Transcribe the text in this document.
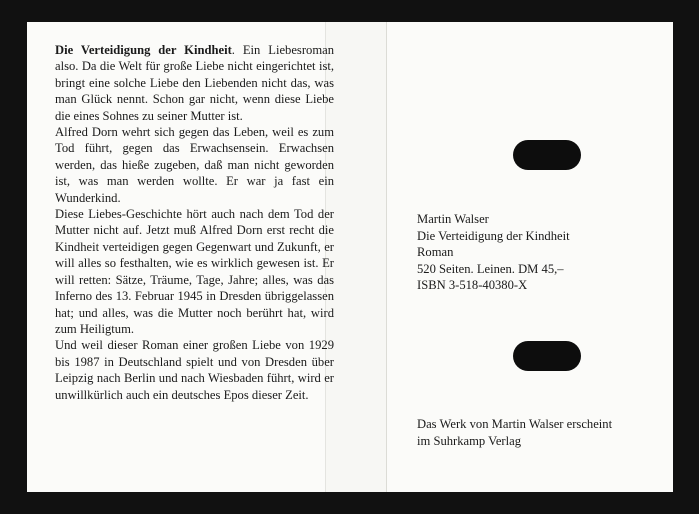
Die Verteidigung der Kindheit. Ein Liebesroman also. Da die Welt für große Liebe nicht eingerichtet ist, bringt eine solche Liebe den Liebenden nicht das, was man Glück nennt. Schon gar nicht, wenn diese Liebe die eines Sohnes zu seiner Mutter ist.

Alfred Dorn wehrt sich gegen das Leben, weil es zum Tod führt, gegen das Erwachsensein. Erwachsen werden, das hieße zugeben, daß man nicht geworden ist, was man werden wollte. Er war ja fast ein Wunderkind.

Diese Liebes-Geschichte hört auch nach dem Tod der Mutter nicht auf. Jetzt muß Alfred Dorn erst recht die Kindheit verteidigen gegen Gegenwart und Zukunft, er will alles so festhalten, wie es wirklich gewesen ist. Er will retten: Sätze, Träume, Tage, Jahre; alles, was das Inferno des 13. Februar 1945 in Dresden übriggelassen hat; und alles, was die Mutter noch berührt hat, wird zum Heiligtum.

Und weil dieser Roman einer großen Liebe von 1929 bis 1987 in Deutschland spielt und von Dresden über Leipzig nach Berlin und nach Wiesbaden führt, wird er unwillkürlich auch ein deutsches Epos dieser Zeit.

Martin Walser
Die Verteidigung der Kindheit
Roman
520 Seiten. Leinen. DM 45,–
ISBN 3-518-40380-X
Das Werk von Martin Walser erscheint
im Suhrkamp Verlag
